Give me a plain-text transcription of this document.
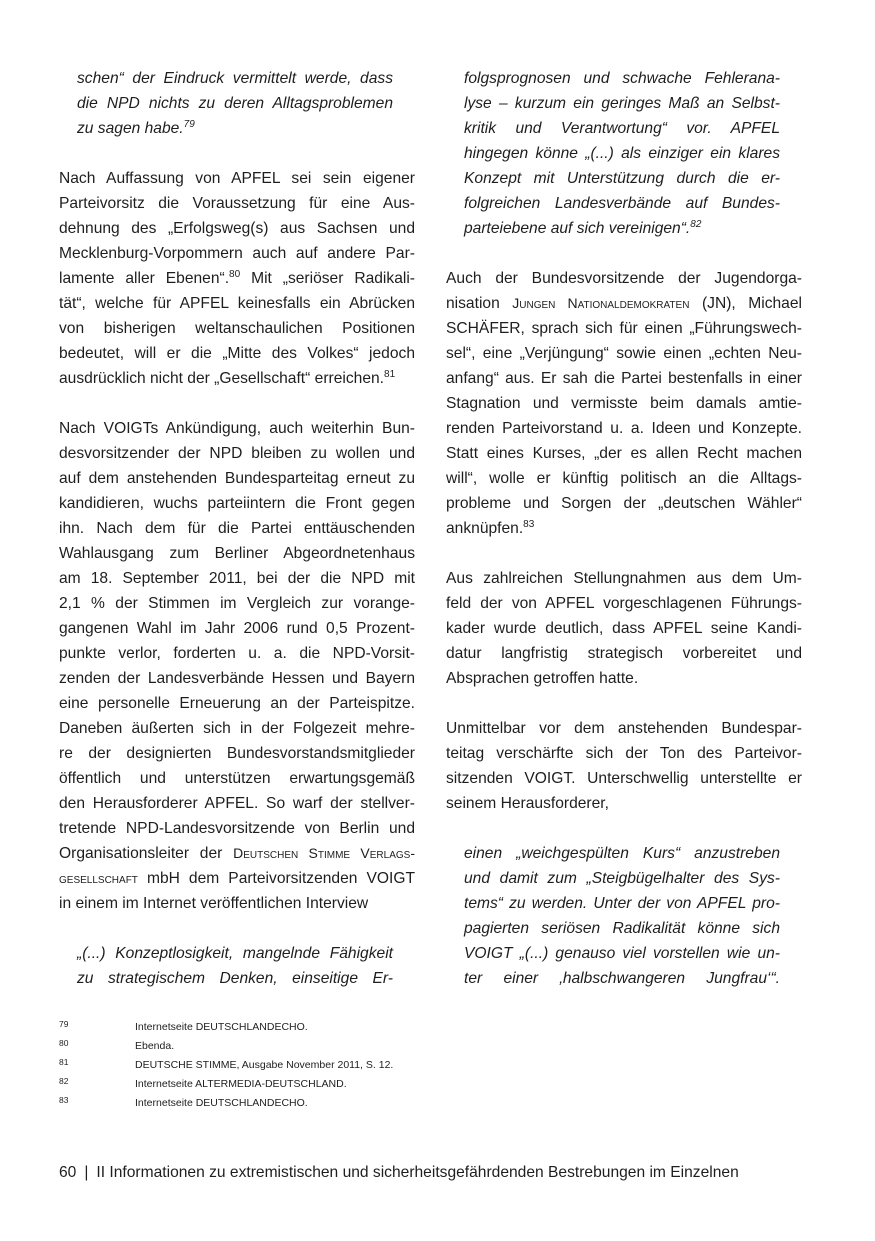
schen“ der Eindruck vermittelt werde, dass
die NPD nichts zu deren Alltagsproblemen
zu sagen habe.$^{79}$
Nach Auffassung von APFEL sei sein eigener
Parteivorsitz die Voraussetzung für eine Aus-
dehnung des „Erfolgsweg(s) aus Sachsen und
Mecklenburg-Vorpommern auch auf andere Par-
lamente aller Ebenen“.$^{80}$ Mit „seriöser Radikali-
tät“, welche für APFEL keinesfalls ein Abrücken
von bisherigen weltanschaulichen Positionen
bedeutet, will er die „Mitte des Volkes“ jedoch
ausdrücklich nicht der „Gesellschaft“ erreichen.$^{81}$
Nach VOIGTs Ankündigung, auch weiterhin Bun-
desvorsitzender der NPD bleiben zu wollen und
auf dem anstehenden Bundesparteitag erneut zu
kandidieren, wuchs parteiintern die Front gegen
ihn. Nach dem für die Partei enttäuschenden
Wahlausgang zum Berliner Abgeordnetenhaus
am 18. September 2011, bei der die NPD mit
2,1 % der Stimmen im Vergleich zur vorange-
gangenen Wahl im Jahr 2006 rund 0,5 Prozent-
punkte verlor, forderten u. a. die NPD-Vorsit-
zenden der Landesverbände Hessen und Bayern
eine personelle Erneuerung an der Parteispitze.
Daneben äußerten sich in der Folgezeit mehre-
re der designierten Bundesvorstandsmitglieder
öffentlich und unterstützen erwartungsgemäß
den Herausforderer APFEL. So warf der stellver-
tretende NPD-Landesvorsitzende von Berlin und
Organisationsleiter der Deutschen Stimme Verlags-
gesellschaft mbH dem Parteivorsitzenden VOIGT
in einem im Internet veröffentlichen Interview
„(...) Konzeptlosigkeit, mangelnde Fähigkeit
zu strategischem Denken, einseitige Er-
folgsprognosen und schwache Fehlerana-
lyse – kurzum ein geringes Maß an Selbst-
kritik und Verantwortung“ vor. APFEL
hingegen könne „(...) als einziger ein klares
Konzept mit Unterstützung durch die er-
folgreichen Landesverbände auf Bundes-
parteiebene auf sich vereinigen“.$^{82}$
Auch der Bundesvorsitzende der Jugendorga-
nisation Jungen Nationaldemokraten (JN), Michael
SCHÄFER, sprach sich für einen „Führungswech-
sel“, eine „Verjüngung“ sowie einen „echten Neu-
anfang“ aus. Er sah die Partei bestenfalls in einer
Stagnation und vermisste beim damals amtie-
renden Parteivorstand u. a. Ideen und Konzepte.
Statt eines Kurses, „der es allen Recht machen
will“, wolle er künftig politisch an die Alltags-
probleme und Sorgen der „deutschen Wähler“
anknüpfen.$^{83}$
Aus zahlreichen Stellungnahmen aus dem Um-
feld der von APFEL vorgeschlagenen Führungs-
kader wurde deutlich, dass APFEL seine Kandi-
datur langfristig strategisch vorbereitet und
Absprachen getroffen hatte.
Unmittelbar vor dem anstehenden Bundespar-
teitag verschärfte sich der Ton des Parteivor-
sitzenden VOIGT. Unterschwellig unterstellte er
seinem Herausforderer,
einen „weichgespülten Kurs“ anzustreben
und damit zum „Steigbügelhalter des Sys-
tems“ zu werden. Unter der von APFEL pro-
pagierten seriösen Radikalität könne sich
VOIGT „(...) genauso viel vorstellen wie un-
ter einer ‚halbschwangeren Jungfrau‘“.
79	Internetseite DEUTSCHLANDECHO.
80	Ebenda.
81	DEUTSCHE STIMME, Ausgabe November 2011, S. 12.
82	Internetseite ALTERMEDIA-DEUTSCHLAND.
83	Internetseite DEUTSCHLANDECHO.
60 | II Informationen zu extremistischen und sicherheitsgefährdenden Bestrebungen im Einzelnen
